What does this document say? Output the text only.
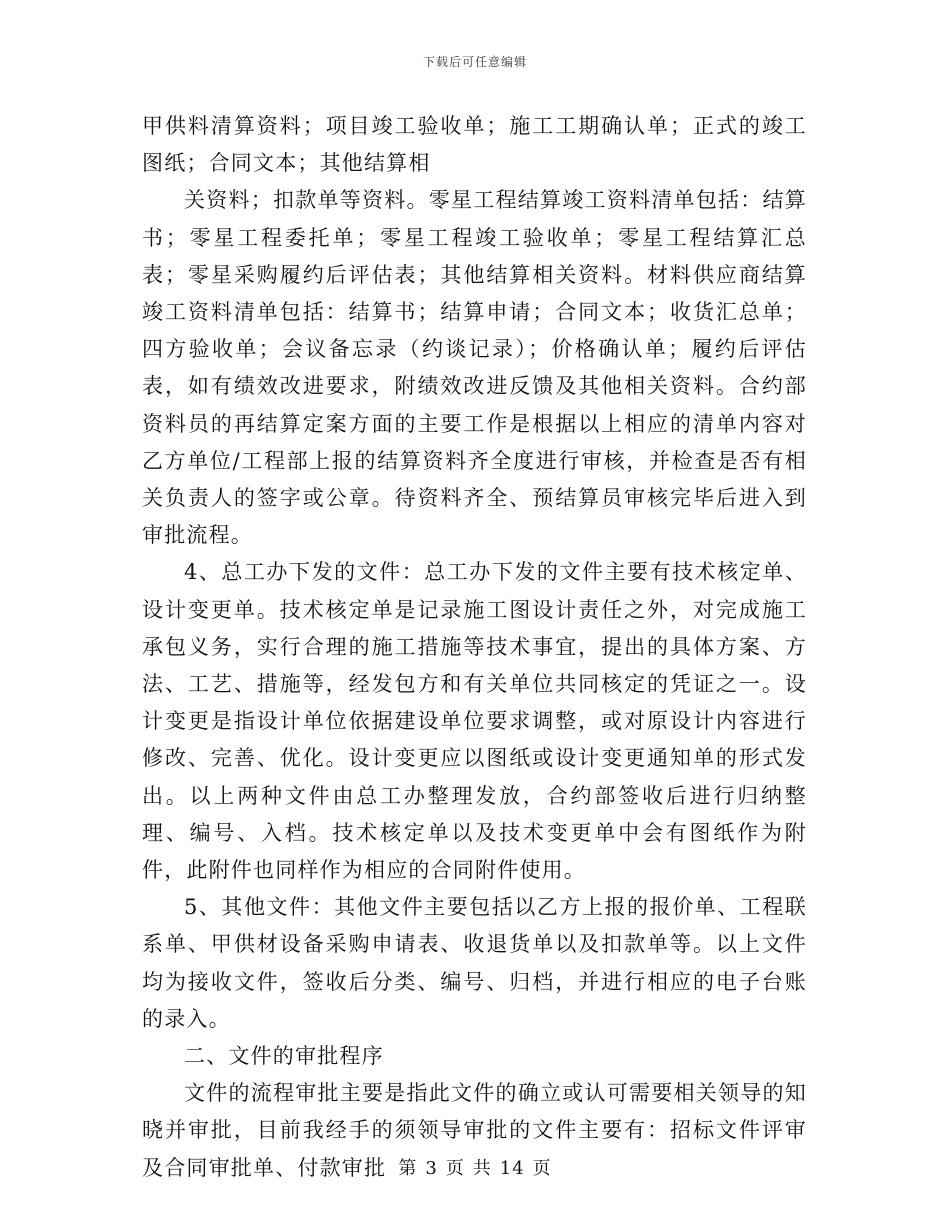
下载后可任意编辑

甲供料清算资料；项目竣工验收单；施工工期确认单；正式的竣工图纸；合同文本；其他结算相

关资料；扣款单等资料。零星工程结算竣工资料清单包括：结算书；零星工程委托单；零星工程竣工验收单；零星工程结算汇总表；零星采购履约后评估表；其他结算相关资料。材料供应商结算竣工资料清单包括：结算书；结算申请；合同文本；收货汇总单；四方验收单；会议备忘录（约谈记录）；价格确认单；履约后评估表，如有绩效改进要求，附绩效改进反馈及其他相关资料。合约部资料员的再结算定案方面的主要工作是根据以上相应的清单内容对乙方单位/工程部上报的结算资料齐全度进行审核，并检查是否有相关负责人的签字或公章。待资料齐全、预结算员审核完毕后进入到审批流程。

4、总工办下发的文件：总工办下发的文件主要有技术核定单、设计变更单。技术核定单是记录施工图设计责任之外，对完成施工承包义务，实行合理的施工措施等技术事宜，提出的具体方案、方法、工艺、措施等，经发包方和有关单位共同核定的凭证之一。设计变更是指设计单位依据建设单位要求调整，或对原设计内容进行修改、完善、优化。设计变更应以图纸或设计变更通知单的形式发出。以上两种文件由总工办整理发放，合约部签收后进行归纳整理、编号、入档。技术核定单以及技术变更单中会有图纸作为附件，此附件也同样作为相应的合同附件使用。

5、其他文件：其他文件主要包括以乙方上报的报价单、工程联系单、甲供材设备采购申请表、收退货单以及扣款单等。以上文件均为接收文件，签收后分类、编号、归档，并进行相应的电子台账的录入。

二、文件的审批程序

文件的流程审批主要是指此文件的确立或认可需要相关领导的知晓并审批，目前我经手的须领导审批的文件主要有：招标文件评审及合同审批单、付款审批 第 3 页 共 14 页
